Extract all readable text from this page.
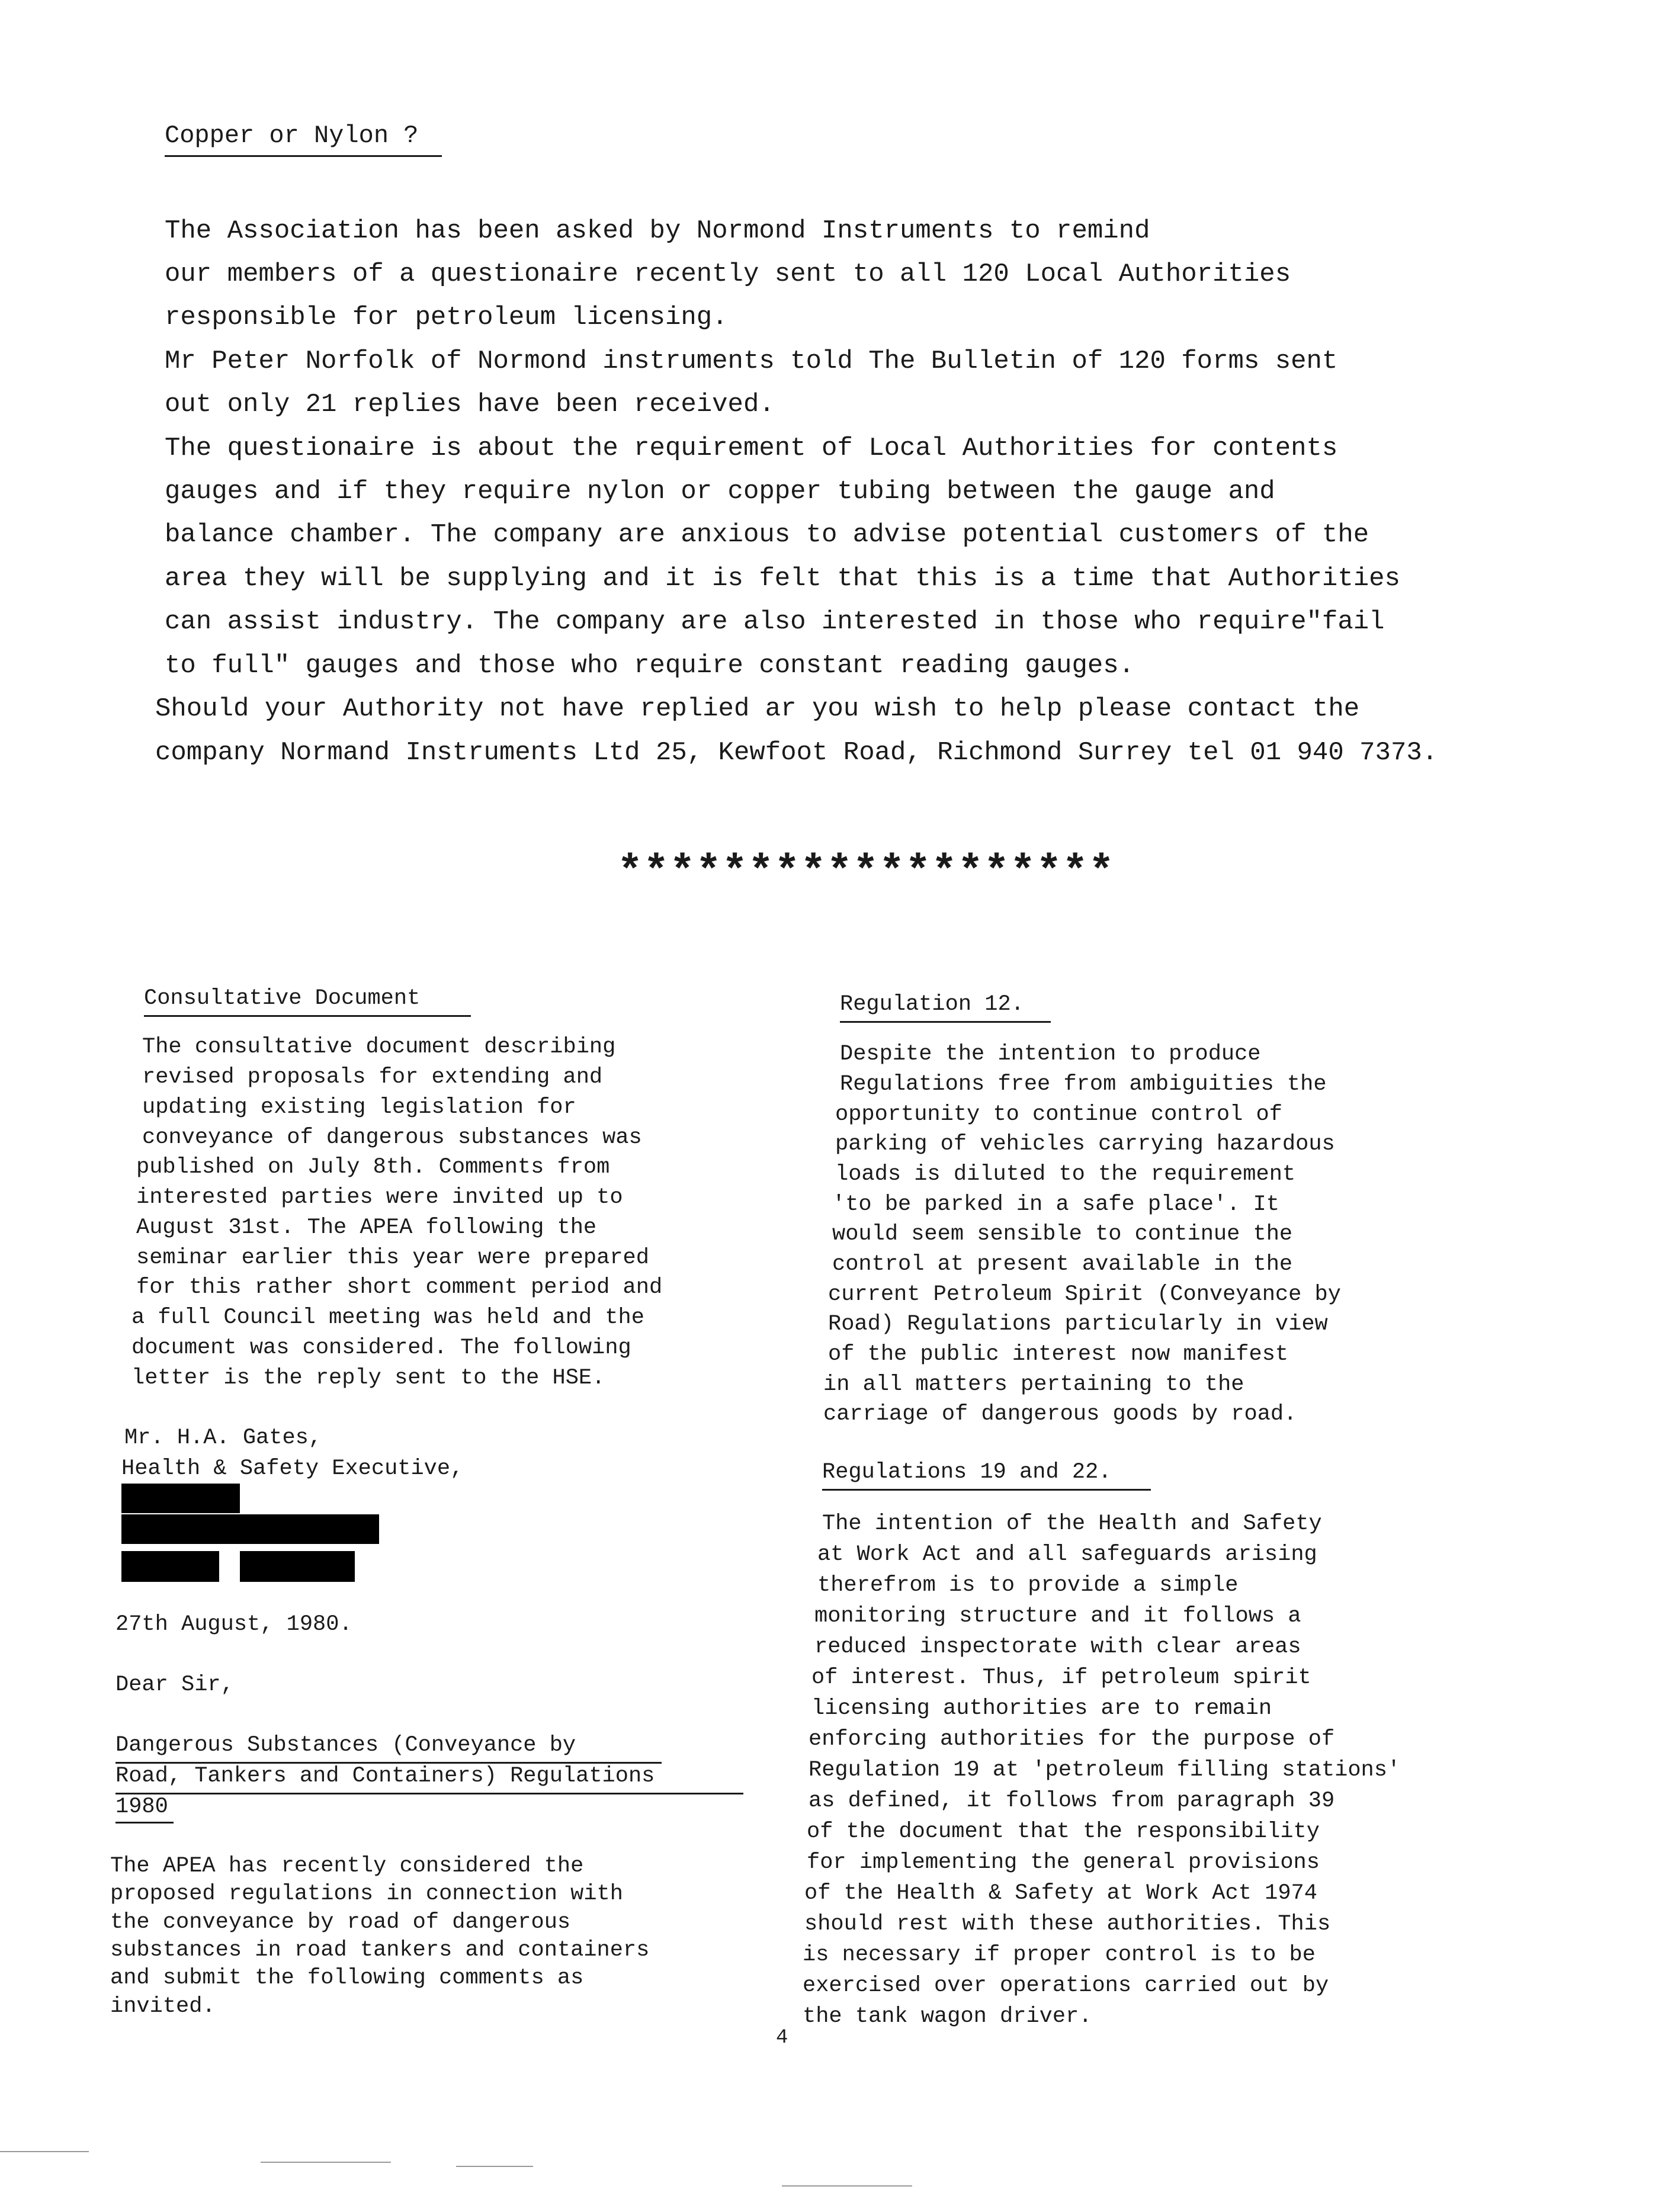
Copper or Nylon ?
The Association has been asked by Normond Instruments to remind
our members of a questionaire recently sent to all 120 Local Authorities
responsible for petroleum licensing.
Mr Peter Norfolk of Normond instruments told The Bulletin of 120 forms sent
out only 21 replies have been received.
The questionaire is about the requirement of Local Authorities for contents
gauges and if they require nylon or copper tubing between the gauge and
balance chamber. The company are anxious to advise potential customers of the
area they will be supplying and it is felt that this is a time that Authorities
can assist industry. The company are also interested in those who require"fail
to full" gauges and those who require constant reading gauges.
Should your Authority not have replied ar you wish to help please contact the
company Normand Instruments Ltd 25, Kewfoot Road, Richmond Surrey tel 01 940 7373.
*******************
Consultative Document
The consultative document describing
revised proposals for extending and
updating existing legislation for
conveyance of dangerous substances was
published on July 8th. Comments from
interested parties were invited up to
August 31st. The APEA following the
seminar earlier this year were prepared
for this rather short comment period and
a full Council meeting was held and the
document was considered. The following
letter is the reply sent to the HSE.
Mr. H.A. Gates,
Health & Safety Executive,
27th August, 1980.
Dear Sir,
Dangerous Substances (Conveyance by
Road, Tankers and Containers) Regulations
1980
The APEA has recently considered the
proposed regulations in connection with
the conveyance by road of dangerous
substances in road tankers and containers
and submit the following comments as
invited.
Regulation 12.
Despite the intention to produce
Regulations free from ambiguities the
opportunity to continue control of
parking of vehicles carrying hazardous
loads is diluted to the requirement
'to be parked in a safe place'. It
would seem sensible to continue the
control at present available in the
current Petroleum Spirit (Conveyance by
Road) Regulations particularly in view
of the public interest now manifest
in all matters pertaining to the
carriage of dangerous goods by road.
Regulations 19 and 22.
The intention of the Health and Safety
at Work Act and all safeguards arising
therefrom is to provide a simple
monitoring structure and it follows a
reduced inspectorate with clear areas
of interest. Thus, if petroleum spirit
licensing authorities are to remain
enforcing authorities for the purpose of
Regulation 19 at 'petroleum filling stations'
as defined, it follows from paragraph 39
of the document that the responsibility
for implementing the general provisions
of the Health & Safety at Work Act 1974
should rest with these authorities. This
is necessary if proper control is to be
exercised over operations carried out by
the tank wagon driver.
4
